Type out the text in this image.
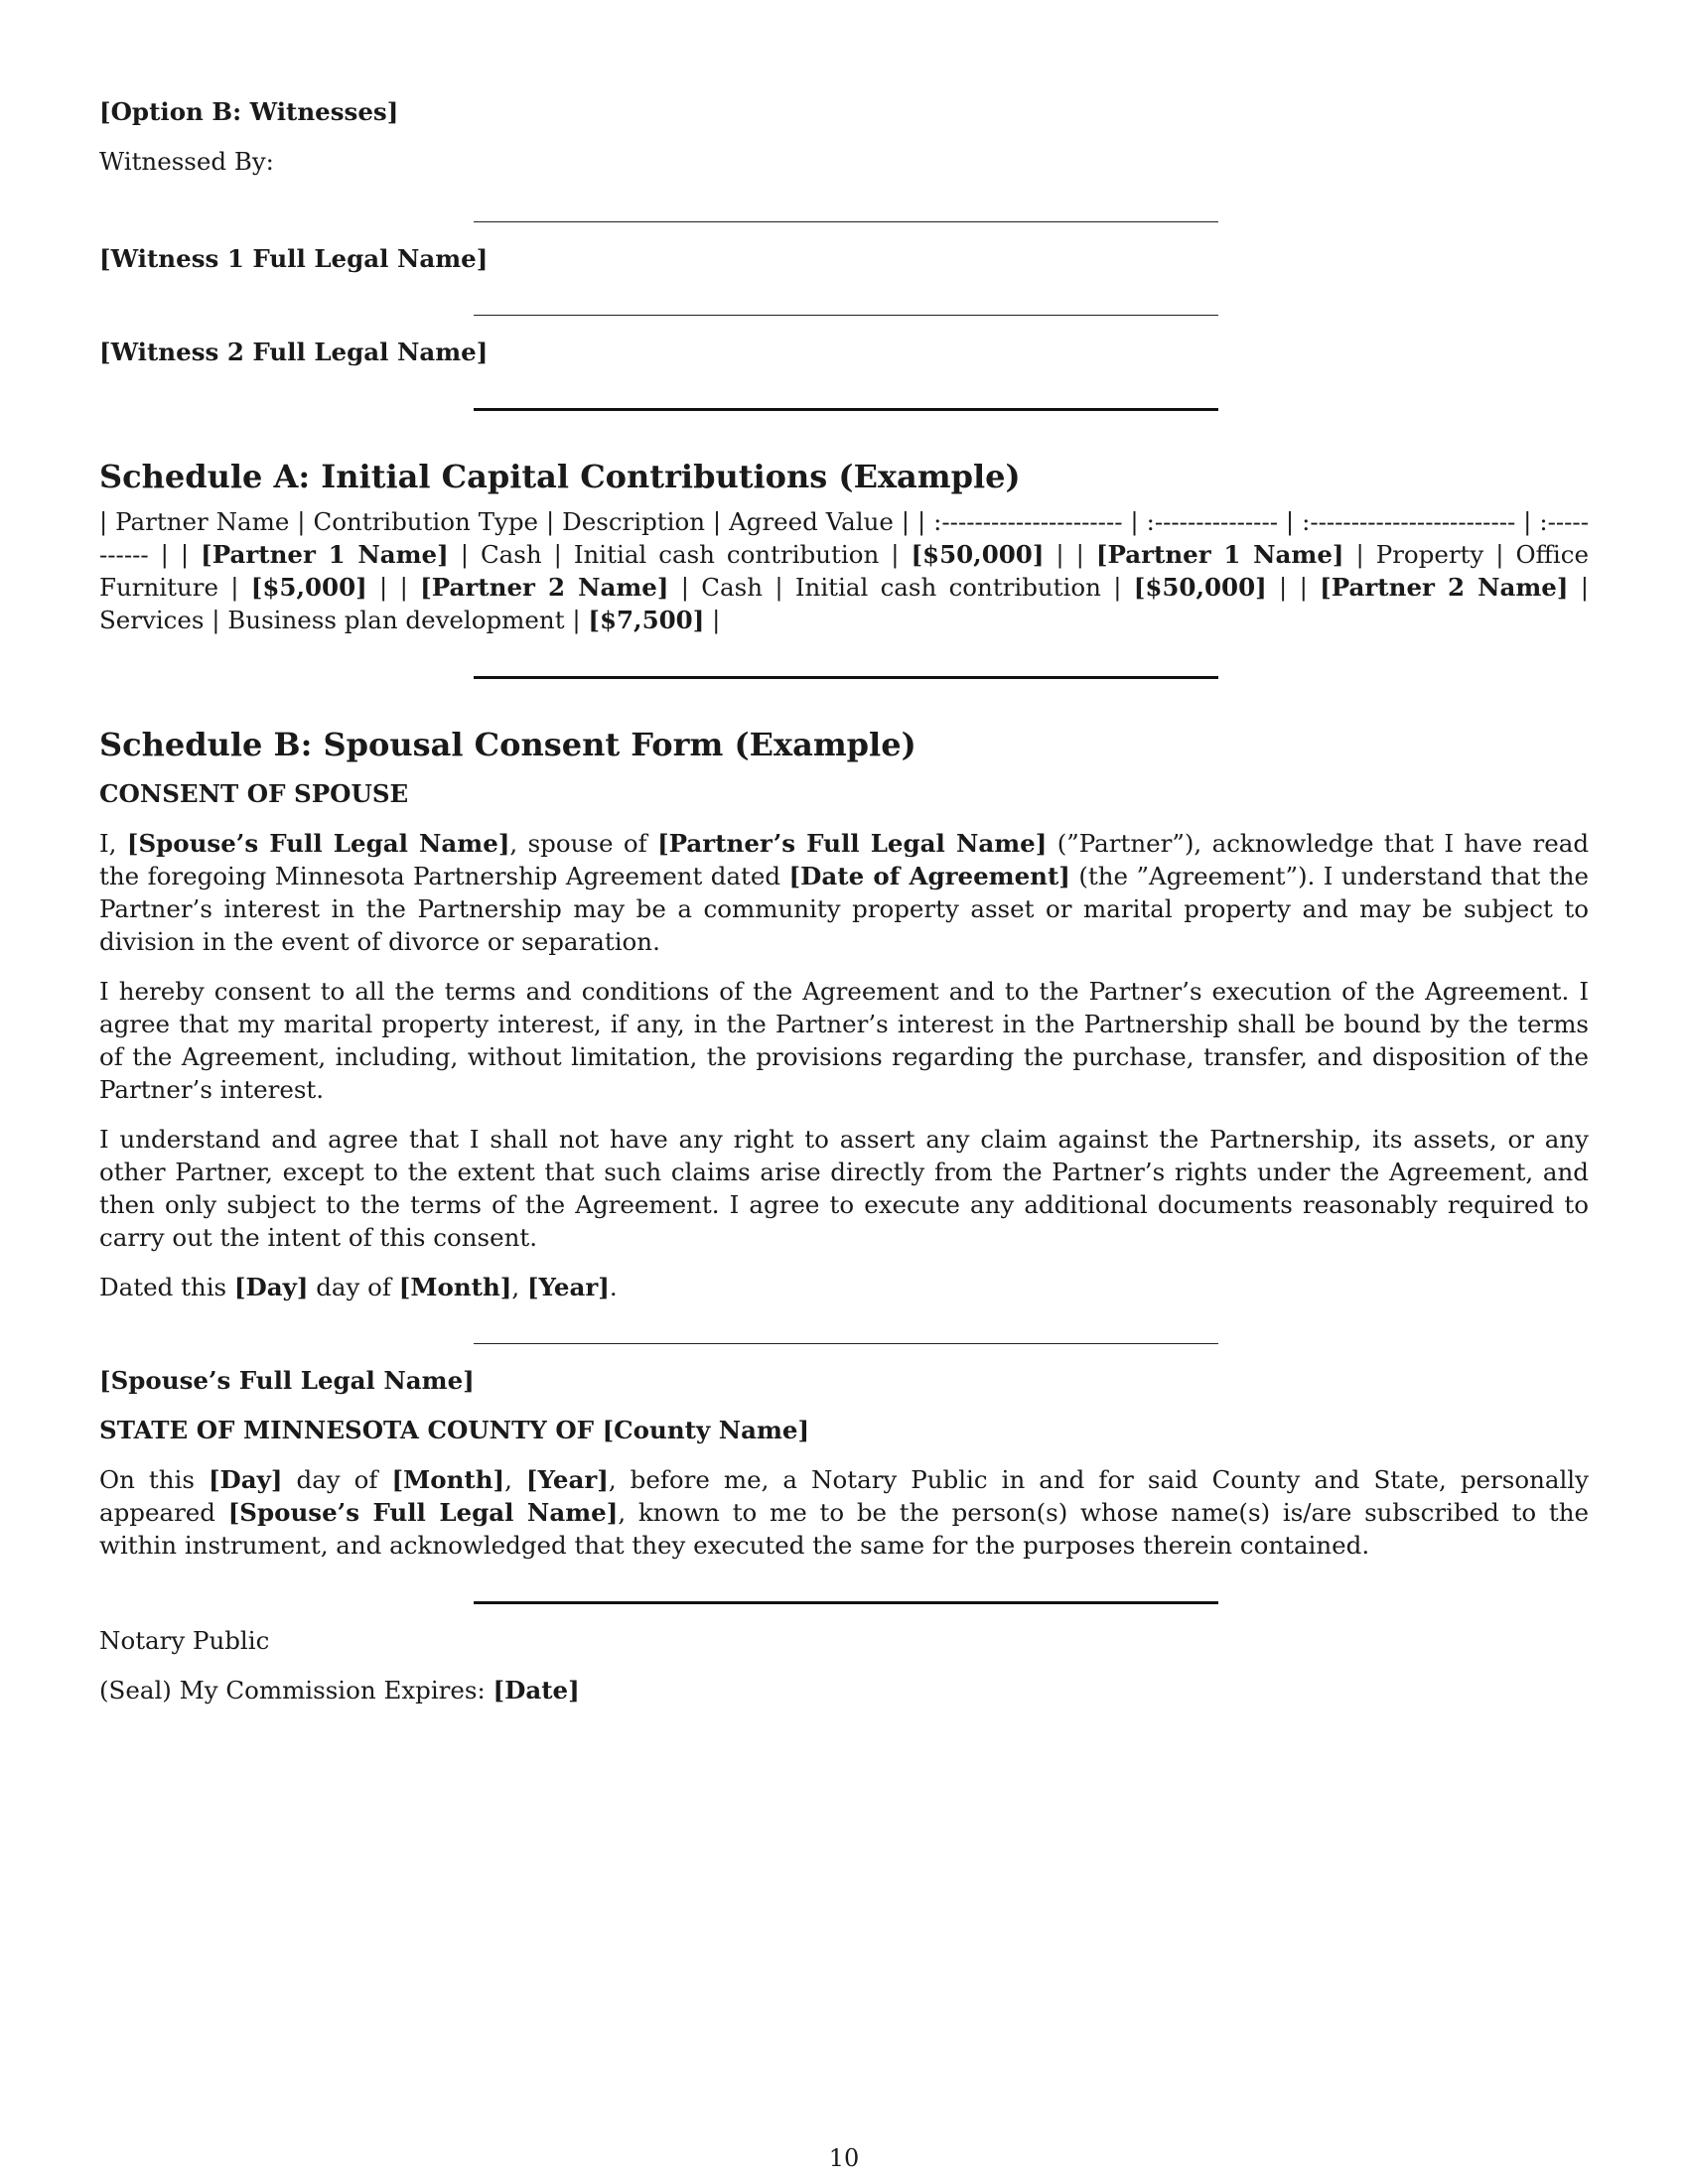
[Option B: Witnesses]

Witnessed By:

[Witness 1 Full Legal Name]

[Witness 2 Full Legal Name]

Schedule A: Initial Capital Contributions (Example)

| Partner Name | Contribution Type | Description | Agreed Value | | :---------------------- | :--------------- | :------------------------- | :----------- | | [Partner 1 Name] | Cash | Initial cash contribution | [$50,000] | | [Partner 1 Name] | Property | Office Furniture | [$5,000] | | [Partner 2 Name] | Cash | Initial cash contribution | [$50,000] | | [Partner 2 Name] | Services | Business plan development | [$7,500] |

Schedule B: Spousal Consent Form (Example)

CONSENT OF SPOUSE

I, [Spouse’s Full Legal Name], spouse of [Partner’s Full Legal Name] (”Partner”), acknowledge that I have read the foregoing Minnesota Partnership Agreement dated [Date of Agreement] (the ”Agreement”). I understand that the Partner’s interest in the Partnership may be a community property asset or marital property and may be subject to division in the event of divorce or separation.

I hereby consent to all the terms and conditions of the Agreement and to the Partner’s execution of the Agreement. I agree that my marital property interest, if any, in the Partner’s interest in the Partnership shall be bound by the terms of the Agreement, including, without limitation, the provisions regarding the purchase, transfer, and disposition of the Partner’s interest.

I understand and agree that I shall not have any right to assert any claim against the Partnership, its assets, or any other Partner, except to the extent that such claims arise directly from the Partner’s rights under the Agreement, and then only subject to the terms of the Agreement. I agree to execute any additional documents reasonably required to carry out the intent of this consent.

Dated this [Day] day of [Month], [Year].

[Spouse’s Full Legal Name]

STATE OF MINNESOTA COUNTY OF [County Name]

On this [Day] day of [Month], [Year], before me, a Notary Public in and for said County and State, personally appeared [Spouse’s Full Legal Name], known to me to be the person(s) whose name(s) is/are subscribed to the within instrument, and acknowledged that they executed the same for the purposes therein contained.

Notary Public

(Seal) My Commission Expires: [Date]

10
